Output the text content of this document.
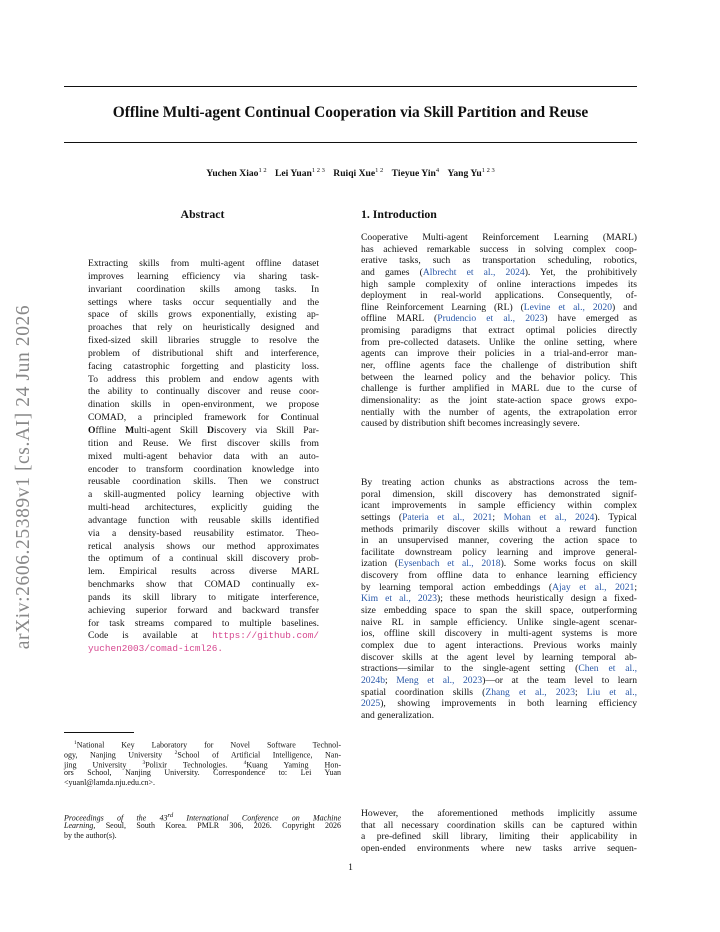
arXiv:2606.25389v1 [cs.AI] 24 Jun 2026
Offline Multi-agent Continual Cooperation via Skill Partition and Reuse
Yuchen Xiao$^{1 2}$ Lei Yuan$^{1 2 3}$ Ruiqi Xue$^{1 2}$ Tieyue Yin$^4$ Yang $Yu^{1 2 3}$
Abstract	1. Introduction
Extracting skills from multi-agent offline dataset
improves learning efficiency via sharing task-
invariant coordination skills among tasks. In
settings where tasks occur sequentially and the
space of skills grows exponentially, existing ap-
proaches that rely on heuristically designed and
fixed-sized skill libraries struggle to resolve the
problem of distributional shift and interference,
facing catastrophic forgetting and plasticity loss.
To address this problem and endow agents with
the ability to continually discover and reuse coor-
dination skills in open-environment, we propose
COMAD, a principled framework for Continual
Offline Multi-agent Skill Discovery via Skill Par-
tition and Reuse. We first discover skills from
mixed multi-agent behavior data with an auto-
encoder to transform coordination knowledge into
reusable coordination skills. Then we construct
a skill-augmented policy learning objective with
multi-head architectures, explicitly guiding the
advantage function with reusable skills identified
via a density-based reusability estimator. Theo-
retical analysis shows our method approximates
the optimum of a continual skill discovery prob-
lem. Empirical results across diverse MARL
benchmarks show that COMAD continually ex-
pands its skill library to mitigate interference,
achieving superior forward and backward transfer
for task streams compared to multiple baselines.
Code is available at https://github.com/
yuchen2003/comad-icml26.
Cooperative Multi-agent Reinforcement Learning (MARL)
has achieved remarkable success in solving complex coop-
erative tasks, such as transportation scheduling, robotics,
and games (Albrecht et al., 2024). Yet, the prohibitively
high sample complexity of online interactions impedes its
deployment in real-world applications. Consequently, of-
fline Reinforcement Learning (RL) (Levine et al., 2020) and
offline MARL (Prudencio et al., 2023) have emerged as
promising paradigms that extract optimal policies directly
from pre-collected datasets. Unlike the online setting, where
agents can improve their policies in a trial-and-error man-
ner, offline agents face the challenge of distribution shift
between the learned policy and the behavior policy. This
challenge is further amplified in MARL due to the curse of
dimensionality: as the joint state-action space grows expo-
nentially with the number of agents, the extrapolation error
caused by distribution shift becomes increasingly severe.
By treating action chunks as abstractions across the tem-
poral dimension, skill discovery has demonstrated signif-
icant improvements in sample efficiency within complex
settings (Pateria et al., 2021; Mohan et al., 2024). Typical
methods primarily discover skills without a reward function
in an unsupervised manner, covering the action space to
facilitate downstream policy learning and improve general-
ization (Eysenbach et al., 2018). Some works focus on skill
discovery from offline data to enhance learning efficiency
by learning temporal action embeddings (Ajay et al., 2021;
Kim et al., 2023); these methods heuristically design a fixed-
size embedding space to span the skill space, outperforming
naive RL in sample efficiency. Unlike single-agent scenar-
ios, offline skill discovery in multi-agent systems is more
complex due to agent interactions. Previous works mainly
discover skills at the agent level by learning temporal ab-
stractions—similar to the single-agent setting (Chen et al.,
2024b; Meng et al., 2023)—or at the team level to learn
spatial coordination skills (Zhang et al., 2023; Liu et al.,
2025), showing improvements in both learning efficiency
and generalization.
However, the aforementioned methods implicitly assume
that all necessary coordination skills can be captured within
a pre-defined skill library, limiting their applicability in
open-ended environments where new tasks arrive sequen-
$^1$National Key Laboratory for Novel Software Technol-
ogy, Nanjing University $^2$School of Artificial Intelligence, Nan-
jing University	$^3$Polixir Technologies.	$^4$Kuang Yaming Hon-
ors School, Nanjing University. Correspondence to: Lei Yuan
<yuanl@lamda.nju.edu.cn>.
Proceedings of the 43rd International Conference on Machine
Learning, Seoul, South Korea. PMLR 306, 2026. Copyright 2026
by the author(s).
1
